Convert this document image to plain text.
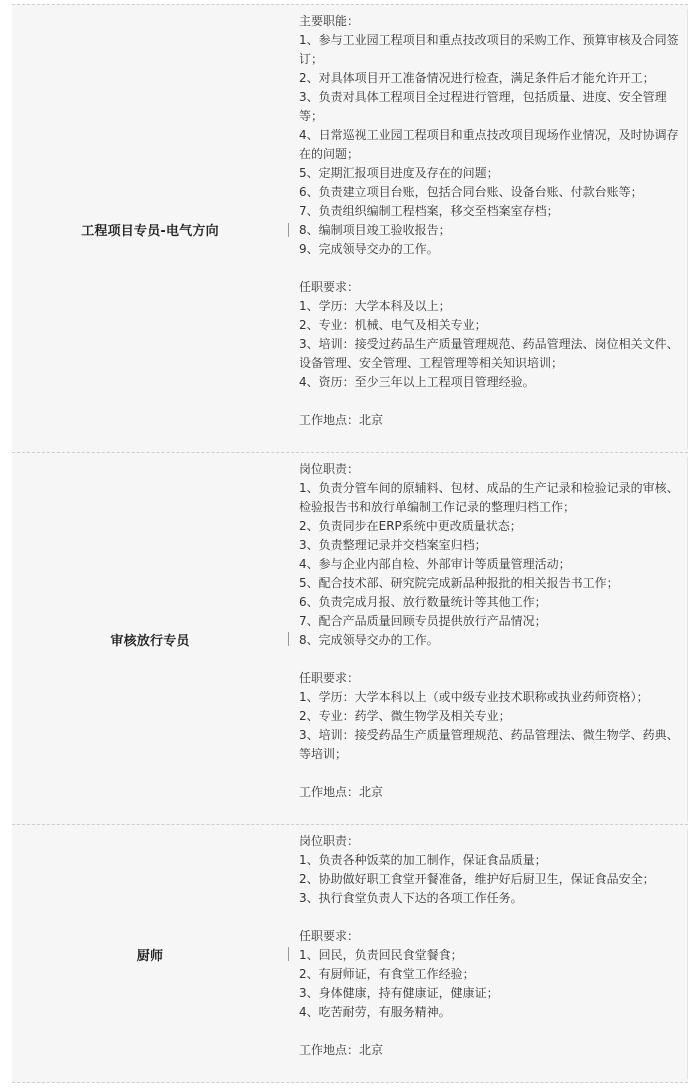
工程项目专员-电气方向
主要职能：
1、参与工业园工程项目和重点技改项目的采购工作、预算审核及合同签订；
2、对具体项目开工准备情况进行检查，满足条件后才能允许开工；
3、负责对具体工程项目全过程进行管理，包括质量、进度、安全管理等；
4、日常巡视工业园工程项目和重点技改项目现场作业情况，及时协调存在的问题；
5、定期汇报项目进度及存在的问题；
6、负责建立项目台账，包括合同台账、设备台账、付款台账等；
7、负责组织编制工程档案，移交至档案室存档；
8、编制项目竣工验收报告；
9、完成领导交办的工作。
任职要求：
1、学历：大学本科及以上；
2、专业：机械、电气及相关专业；
3、培训：接受过药品生产质量管理规范、药品管理法、岗位相关文件、设备管理、安全管理、工程管理等相关知识培训；
4、资历：至少三年以上工程项目管理经验。
工作地点：北京
审核放行专员
岗位职责：
1、负责分管车间的原辅料、包材、成品的生产记录和检验记录的审核、检验报告书和放行单编制工作记录的整理归档工作；
2、负责同步在ERP系统中更改质量状态；
3、负责整理记录并交档案室归档；
4、参与企业内部自检、外部审计等质量管理活动；
5、配合技术部、研究院完成新品种报批的相关报告书工作；
6、负责完成月报、放行数量统计等其他工作；
7、配合产品质量回顾专员提供放行产品情况；
8、完成领导交办的工作。
任职要求：
1、学历：大学本科以上（或中级专业技术职称或执业药师资格）；
2、专业：药学、微生物学及相关专业；
3、培训：接受药品生产质量管理规范、药品管理法、微生物学、药典、等培训；
工作地点：北京
厨师
岗位职责：
1、负责各种饭菜的加工制作，保证食品质量；
2、协助做好职工食堂开餐准备，维护好后厨卫生，保证食品安全；
3、执行食堂负责人下达的各项工作任务。
任职要求：
1、回民，负责回民食堂餐食；
2、有厨师证，有食堂工作经验；
3、身体健康，持有健康证，健康证；
4、吃苦耐劳，有服务精神。
工作地点：北京
